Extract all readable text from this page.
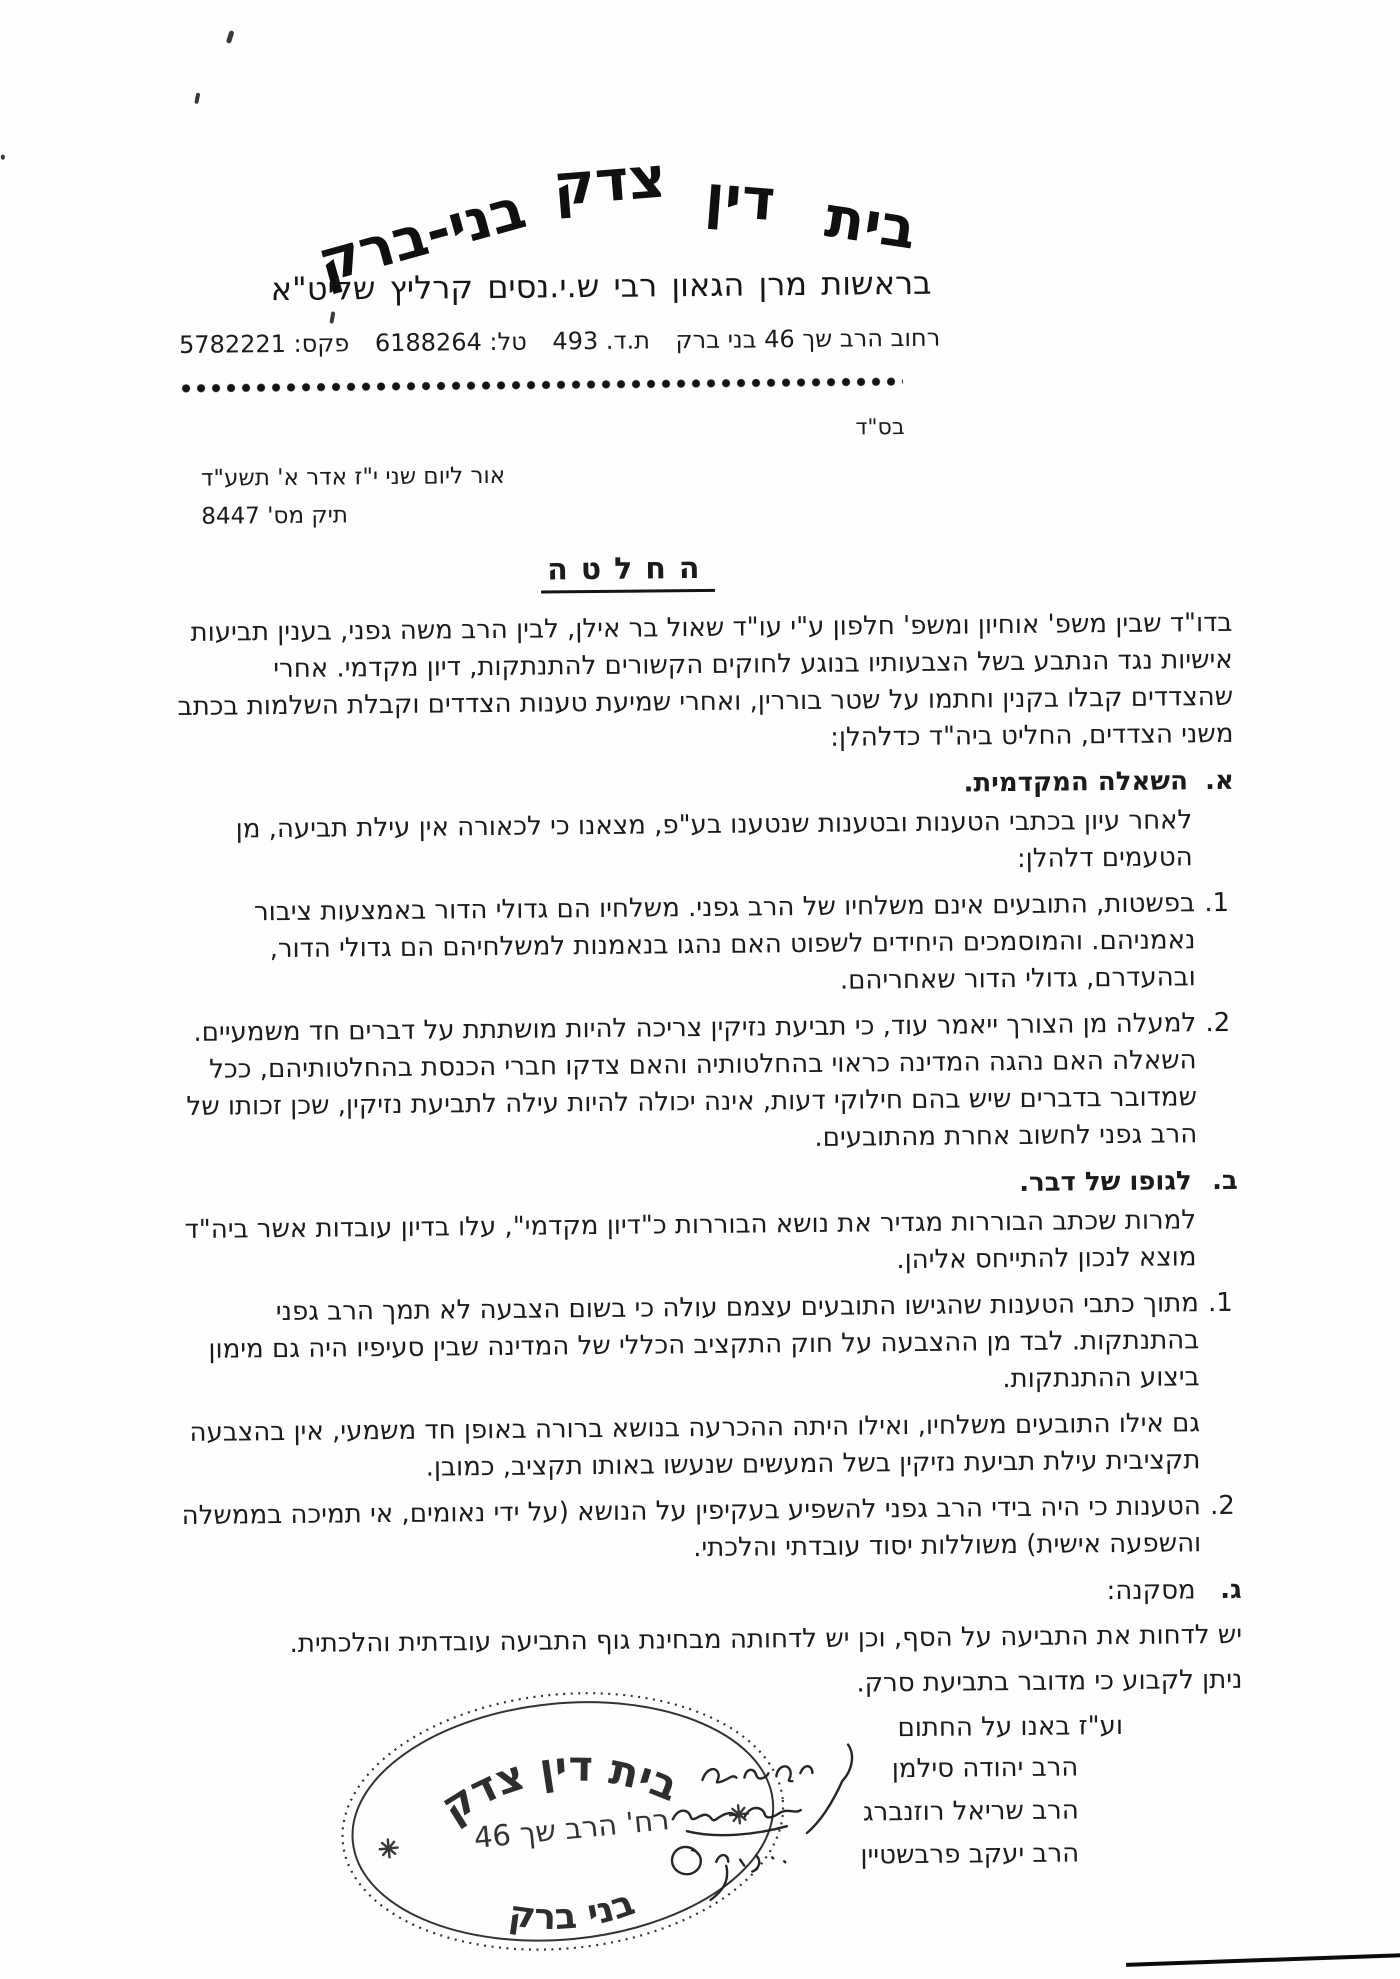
בית
דין
צדק
בני-ברק
בראשות מרן הגאון רבי ש.י.נסים קרליץ שליט"א
רחוב הרב שך 46 בני ברק ת.ד. 493 טל: 6188264 פקס: 5782221
בס"ד
אור ליום שני י"ז אדר א' תשע"ד
תיק מס' 8447
החלטה

בדו"ד שבין משפ' אוחיון ומשפ' חלפון ע"י עו"ד שאול בר אילן, לבין הרב משה גפני, בענין תביעות אישיות נגד הנתבע בשל הצבעותיו בנוגע לחוקים הקשורים להתנתקות, דיון מקדמי. אחרי שהצדדים קבלו בקנין וחתמו על שטר בוררין, ואחרי שמיעת טענות הצדדים וקבלת השלמות בכתב משני הצדדים, החליט ביה"ד כדלהלן:

א.
השאלה המקדמית.

לאחר עיון בכתבי הטענות ובטענות שנטענו בע"פ, מצאנו כי לכאורה אין עילת תביעה, מן הטעמים דלהלן:

1.
בפשטות, התובעים אינם משלחיו של הרב גפני. משלחיו הם גדולי הדור באמצעות ציבור נאמניהם. והמוסמכים היחידים לשפוט האם נהגו בנאמנות למשלחיהם הם גדולי הדור, ובהעדרם, גדולי הדור שאחריהם.
2.
למעלה מן הצורך ייאמר עוד, כי תביעת נזיקין צריכה להיות מושתתת על דברים חד משמעיים. השאלה האם נהגה המדינה כראוי בהחלטותיה והאם צדקו חברי הכנסת בהחלטותיהם, ככל שמדובר בדברים שיש בהם חילוקי דעות, אינה יכולה להיות עילה לתביעת נזיקין, שכן זכותו של הרב גפני לחשוב אחרת מהתובעים.
ב.
לגופו של דבר.

למרות שכתב הבוררות מגדיר את נושא הבוררות כ"דיון מקדמי", עלו בדיון עובדות אשר ביה"ד מוצא לנכון להתייחס אליהן.

1.

מתוך כתבי הטענות שהגישו התובעים עצמם עולה כי בשום הצבעה לא תמך הרב גפני בהתנתקות. לבד מן ההצבעה על חוק התקציב הכללי של המדינה שבין סעיפיו היה גם מימון ביצוע ההתנתקות.

גם אילו התובעים משלחיו, ואילו היתה ההכרעה בנושא ברורה באופן חד משמעי, אין בהצבעה תקציבית עילת תביעת נזיקין בשל המעשים שנעשו באותו תקציב, כמובן.

2.
הטענות כי היה בידי הרב גפני להשפיע בעקיפין על הנושא (על ידי נאומים, אי תמיכה בממשלה והשפעה אישית) משוללות יסוד עובדתי והלכתי.
ג.
מסקנה:

יש לדחות את התביעה על הסף, וכן יש לדחותה מבחינת גוף התביעה עובדתית והלכתית.

ניתן לקבוע כי מדובר בתביעת סרק.

וע"ז באנו על החתום

הרב יהודה סילמן
הרב שריאל רוזנברג
הרב יעקב פרבשטיין
קדצ ןיד תיב
46 ךש ברה 'חר
קרב ינב
